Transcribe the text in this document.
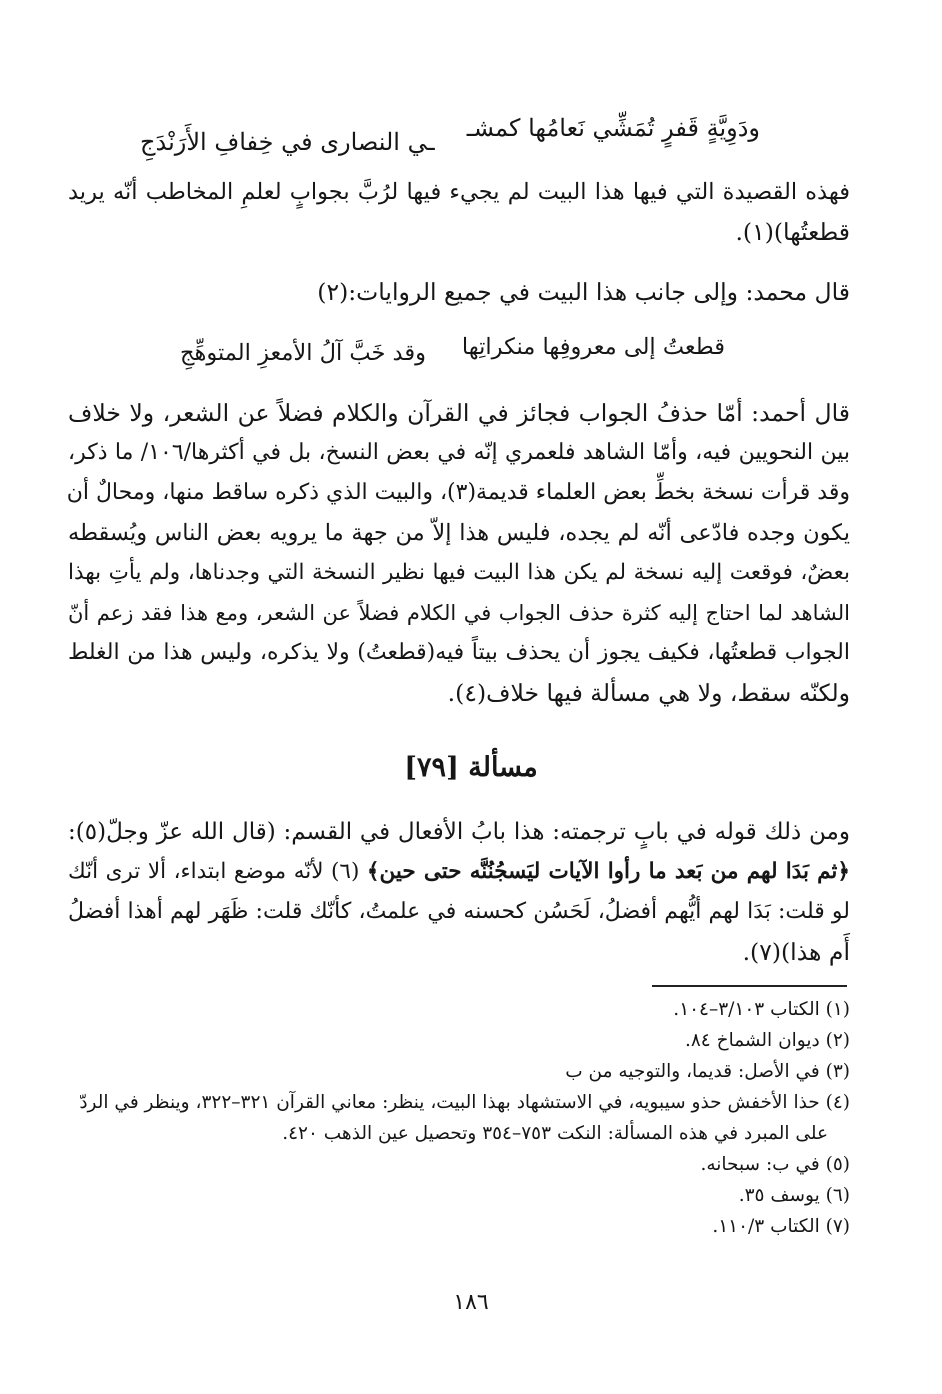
ودَوِيَّةٍ قَفرٍ تُمَشِّي نَعامُها كمشـ
ـي النصارى في خِفافِ الأَرَنْدَجِ
فهذه القصيدة التي فيها هذا البيت لم يجيء فيها لرُبَّ بجوابٍ لعلمِ المخاطب أنّه يريد
قطعتُها)(١).
قال محمد: وإلى جانب هذا البيت في جميع الروايات:(٢)
قطعتُ إلى معروفِها منكراتِها
وقد خَبَّ آلُ الأمعزِ المتوهِّجِ
قال أحمد: أمّا حذفُ الجواب فجائز في القرآن والكلام فضلاً عن الشعر، ولا خلاف
بين النحويين فيه، وأمّا الشاهد فلعمري إنّه في بعض النسخ، بل في أكثرها/١٠٦/ ما ذكر،
وقد قرأت نسخة بخطِّ بعض العلماء قديمة(٣)، والبيت الذي ذكره ساقط منها، ومحالٌ أن
يكون وجده فادّعى أنّه لم يجده، فليس هذا إلاّ من جهة ما يرويه بعض الناس ويُسقطه
بعضٌ، فوقعت إليه نسخة لم يكن هذا البيت فيها نظير النسخة التي وجدناها، ولم يأتِ بهذا
الشاهد لما احتاج إليه كثرة حذف الجواب في الكلام فضلاً عن الشعر، ومع هذا فقد زعم أنّ
الجواب قطعتُها، فكيف يجوز أن يحذف بيتاً فيه(قطعتُ) ولا يذكره، وليس هذا من الغلط
ولكنّه سقط، ولا هي مسألة فيها خلاف(٤).
مسألة [٧٩]
ومن ذلك قوله في بابٍ ترجمته: هذا بابُ الأفعال في القسم: (قال الله عزّ وجلّ(٥):
﴿ثم بَدَا لهم من بَعد ما رأوا الآيات ليَسجُنُنَّه حتى حين﴾ (٦) لأنّه موضع ابتداء، ألا ترى أنّك
لو قلت: بَدَا لهم أيُّهم أفضلُ، لَحَسُن كحسنه في علمتُ، كأنّك قلت: ظَهَر لهم أهذا أفضلُ
أَم هذا)(٧).
(١) الكتاب ٣/١٠٣–١٠٤.
(٢) ديوان الشماخ ٨٤.
(٣) في الأصل: قديما، والتوجيه من ب
(٤) حذا الأخفش حذو سيبويه، في الاستشهاد بهذا البيت، ينظر: معاني القرآن ٣٢١–٣٢٢، وينظر في الردّ
على المبرد في هذه المسألة: النكت ٧٥٣–٣٥٤ وتحصيل عين الذهب ٤٢٠.
(٥) في ب: سبحانه.
(٦) يوسف ٣٥.
(٧) الكتاب ١١٠/٣.
١٨٦
